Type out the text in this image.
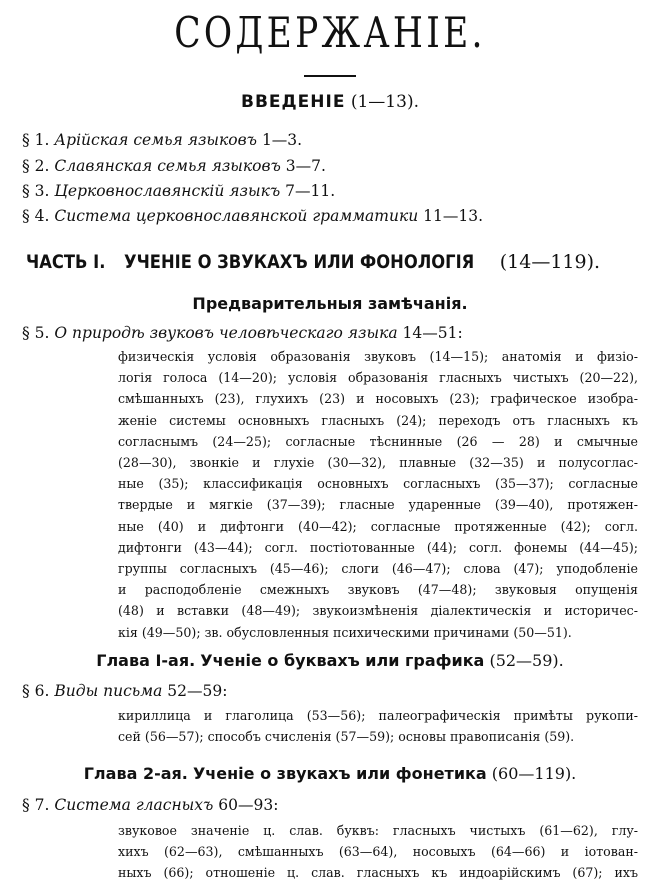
СОДЕРЖАНІЕ.
ВВЕДЕНІЕ (1—13).
§ 1. Арійская семья языковъ 1—3.
§ 2. Славянская семья языковъ 3—7.
§ 3. Церковнославянскій языкъ 7—11.
§ 4. Система церковнославянской грамматики 11—13.
ЧАСТЬ I. УЧЕНІЕ О ЗВУКАХЪ ИЛИ ФОНОЛОГІЯ (14—119).
Предварительныя замѣчанія.
§ 5. О природѣ звуковъ человѣческаго языка 14—51:
физическія условія образованія звуковъ (14—15); анатомія и физіо-
логія голоса (14—20); условія образованія гласныхъ чистыхъ (20—22),
смѣшанныхъ (23), глухихъ (23) и носовыхъ (23); графическое изобра-
женіе системы основныхъ гласныхъ (24); переходъ отъ гласныхъ къ
согласнымъ (24—25); согласные тѣснинные (26 — 28) и смычные
(28—30), звонкіе и глухіе (30—32), плавные (32—35) и полусоглас-
ные (35); классификація основныхъ согласныхъ (35—37); согласные
твердые и мягкіе (37—39); гласные ударенные (39—40), протяжен-
ные (40) и дифтонги (40—42); согласные протяженные (42); согл.
дифтонги (43—44); согл. постіотованные (44); согл. фонемы (44—45);
группы согласныхъ (45—46); слоги (46—47); слова (47); уподобленіе
и расподобленіе смежныхъ звуковъ (47—48); звуковыя опущенія
(48) и вставки (48—49); звукоизмѣненія діалектическія и историчес-
кія (49—50); зв. обусловленныя психическими причинами (50—51).
Глава I-ая. Ученіе о буквахъ или графика (52—59).
§ 6. Виды письма 52—59:
кириллица и глаголица (53—56); палеографическія примѣты рукопи-
сей (56—57); способъ счисленія (57—59); основы правописанія (59).
Глава 2-ая. Ученіе о звукахъ или фонетика (60—119).
§ 7. Система гласныхъ 60—93:
звуковое значеніе ц. слав. буквъ: гласныхъ чистыхъ (61—62), глу-
хихъ (62—63), смѣшанныхъ (63—64), носовыхъ (64—66) и іотован-
ныхъ (66); отношеніе ц. слав. гласныхъ къ индоарійскимъ (67); ихъ
